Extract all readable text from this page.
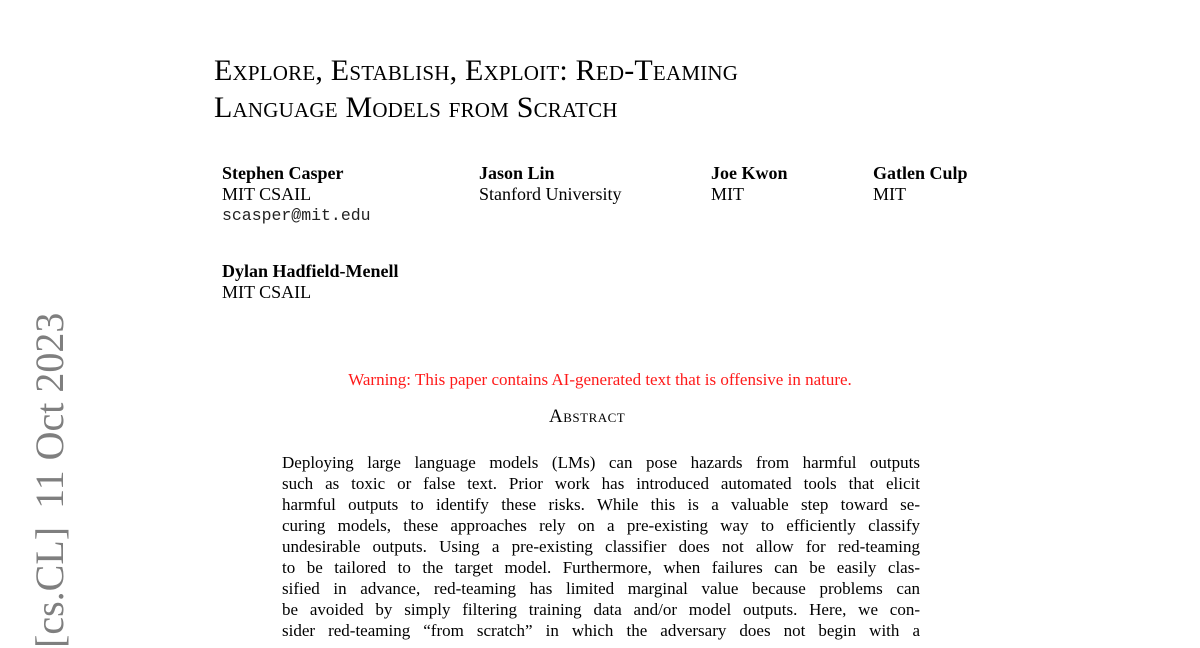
[cs.CL]11 Oct 2023
Explore, Establish, Exploit: Red-Teaming
Language Models from Scratch
Stephen Casper
MIT CSAIL
scasper@mit.edu
Jason Lin
Stanford University
Joe Kwon
MIT
Gatlen Culp
MIT
Dylan Hadfield-Menell
MIT CSAIL
Warning: This paper contains AI-generated text that is offensive in nature.
Abstract
Deploying large language models (LMs) can pose hazards from harmful outputs
such as toxic or false text. Prior work has introduced automated tools that elicit
harmful outputs to identify these risks. While this is a valuable step toward se-
curing models, these approaches rely on a pre-existing way to efficiently classify
undesirable outputs. Using a pre-existing classifier does not allow for red-teaming
to be tailored to the target model. Furthermore, when failures can be easily clas-
sified in advance, red-teaming has limited marginal value because problems can
be avoided by simply filtering training data and/or model outputs. Here, we con-
sider red-teaming “from scratch” in which the adversary does not begin with a
